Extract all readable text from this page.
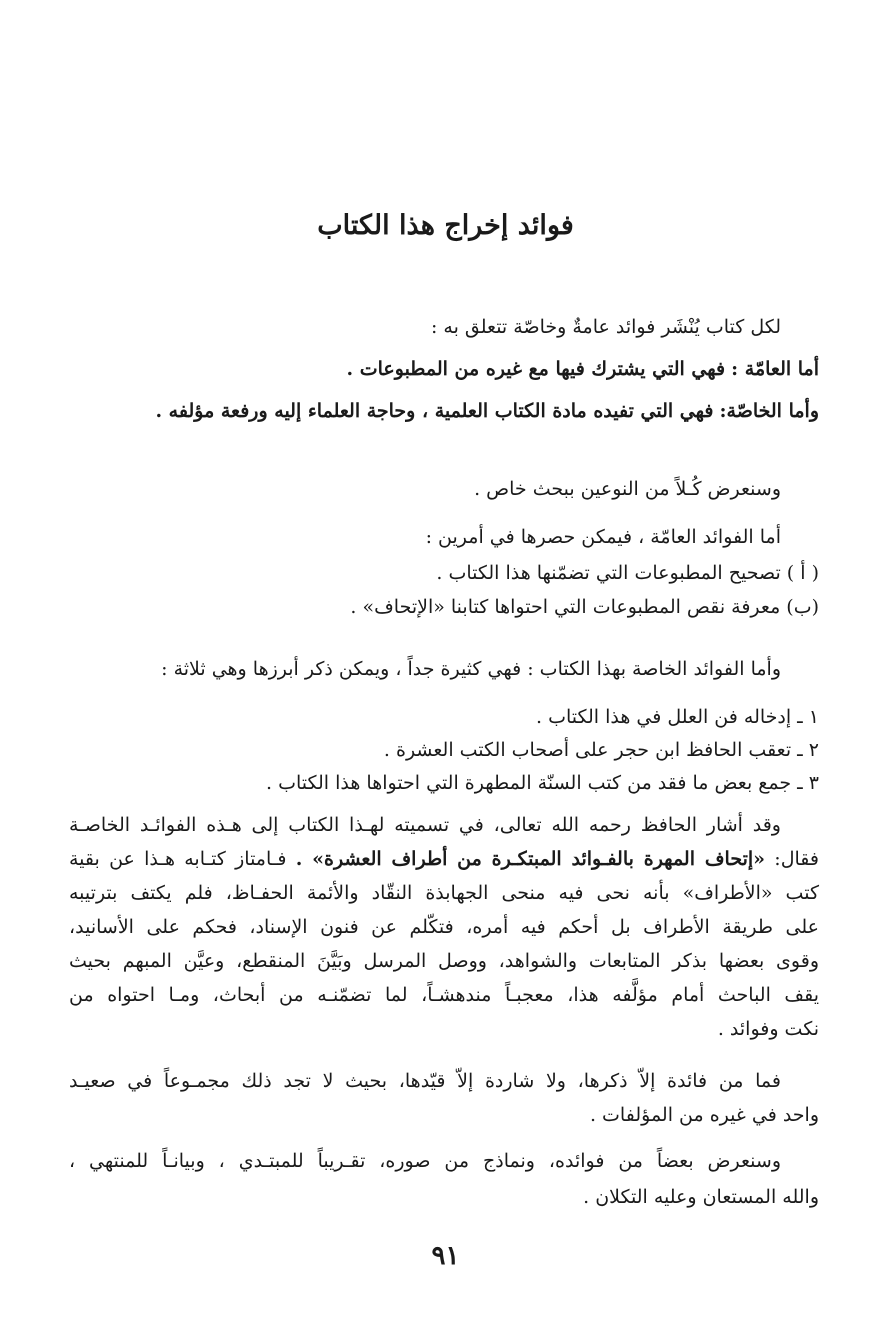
فوائد إخراج هذا الكتاب

لكل كتاب يُنْشَر فوائد عامةٌ وخاصّة تتعلق به :

أما العامّة : فهي التي يشترك فيها مع غيره من المطبوعات .

وأما الخاصّة: فهي التي تفيده مادة الكتاب العلمية ، وحاجة العلماء إليه ورفعة مؤلفه .

وسنعرض كُـلاً من النوعين ببحث خاص .

أما الفوائد العامّة ، فيمكن حصرها في أمرين :

( أ ) تصحيح المطبوعات التي تضمّنها هذا الكتاب .

(ب) معرفة نقص المطبوعات التي احتواها كتابنا «الإتحاف» .

وأما الفوائد الخاصة بهذا الكتاب : فهي كثيرة جداً ، ويمكن ذكر أبرزها وهي ثلاثة :

١ ـ إدخاله فن العلل في هذا الكتاب .

٢ ـ تعقب الحافظ ابن حجر على أصحاب الكتب العشرة .

٣ ـ جمع بعض ما فقد من كتب السنّة المطهرة التي احتواها هذا الكتاب .

وقد أشار الحافظ رحمه الله تعالى، في تسميته لهـذا الكتاب إلى هـذه الفوائـد الخاصـة

فقال: «إتحاف المهرة بالفـوائد المبتكـرة من أطراف العشرة» . فـامتاز كتـابه هـذا عن بقية

كتب «الأطراف» بأنه نحى فيه منحى الجهابذة النقّاد والأئمة الحفـاظ، فلم يكتف بترتيبه

على طريقة الأطراف بل أحكم فيه أمره، فتكّلم عن فنون الإسناد، فحكم على الأسانيد،

وقوى بعضها بذكر المتابعات والشواهد، ووصل المرسل وبَيَّنَ المنقطع، وعيَّن المبهم بحيث

يقف الباحث أمام مؤلَّفه هذا، معجبـاً مندهشـاً، لما تضمّنـه من أبحاث، ومـا احتواه من

نكت وفوائد .

فما من فائدة إلاّ ذكرها، ولا شاردة إلاّ قيّدها، بحيث لا تجد ذلك مجمـوعاً في صعيـد

واحد في غيره من المؤلفات .

وسنعرض بعضاً من فوائده، ونماذج من صوره، تقـريباً للمبتـدي ، وبيانـاً للمنتهي ،

والله المستعان وعليه التكلان .

٩١
